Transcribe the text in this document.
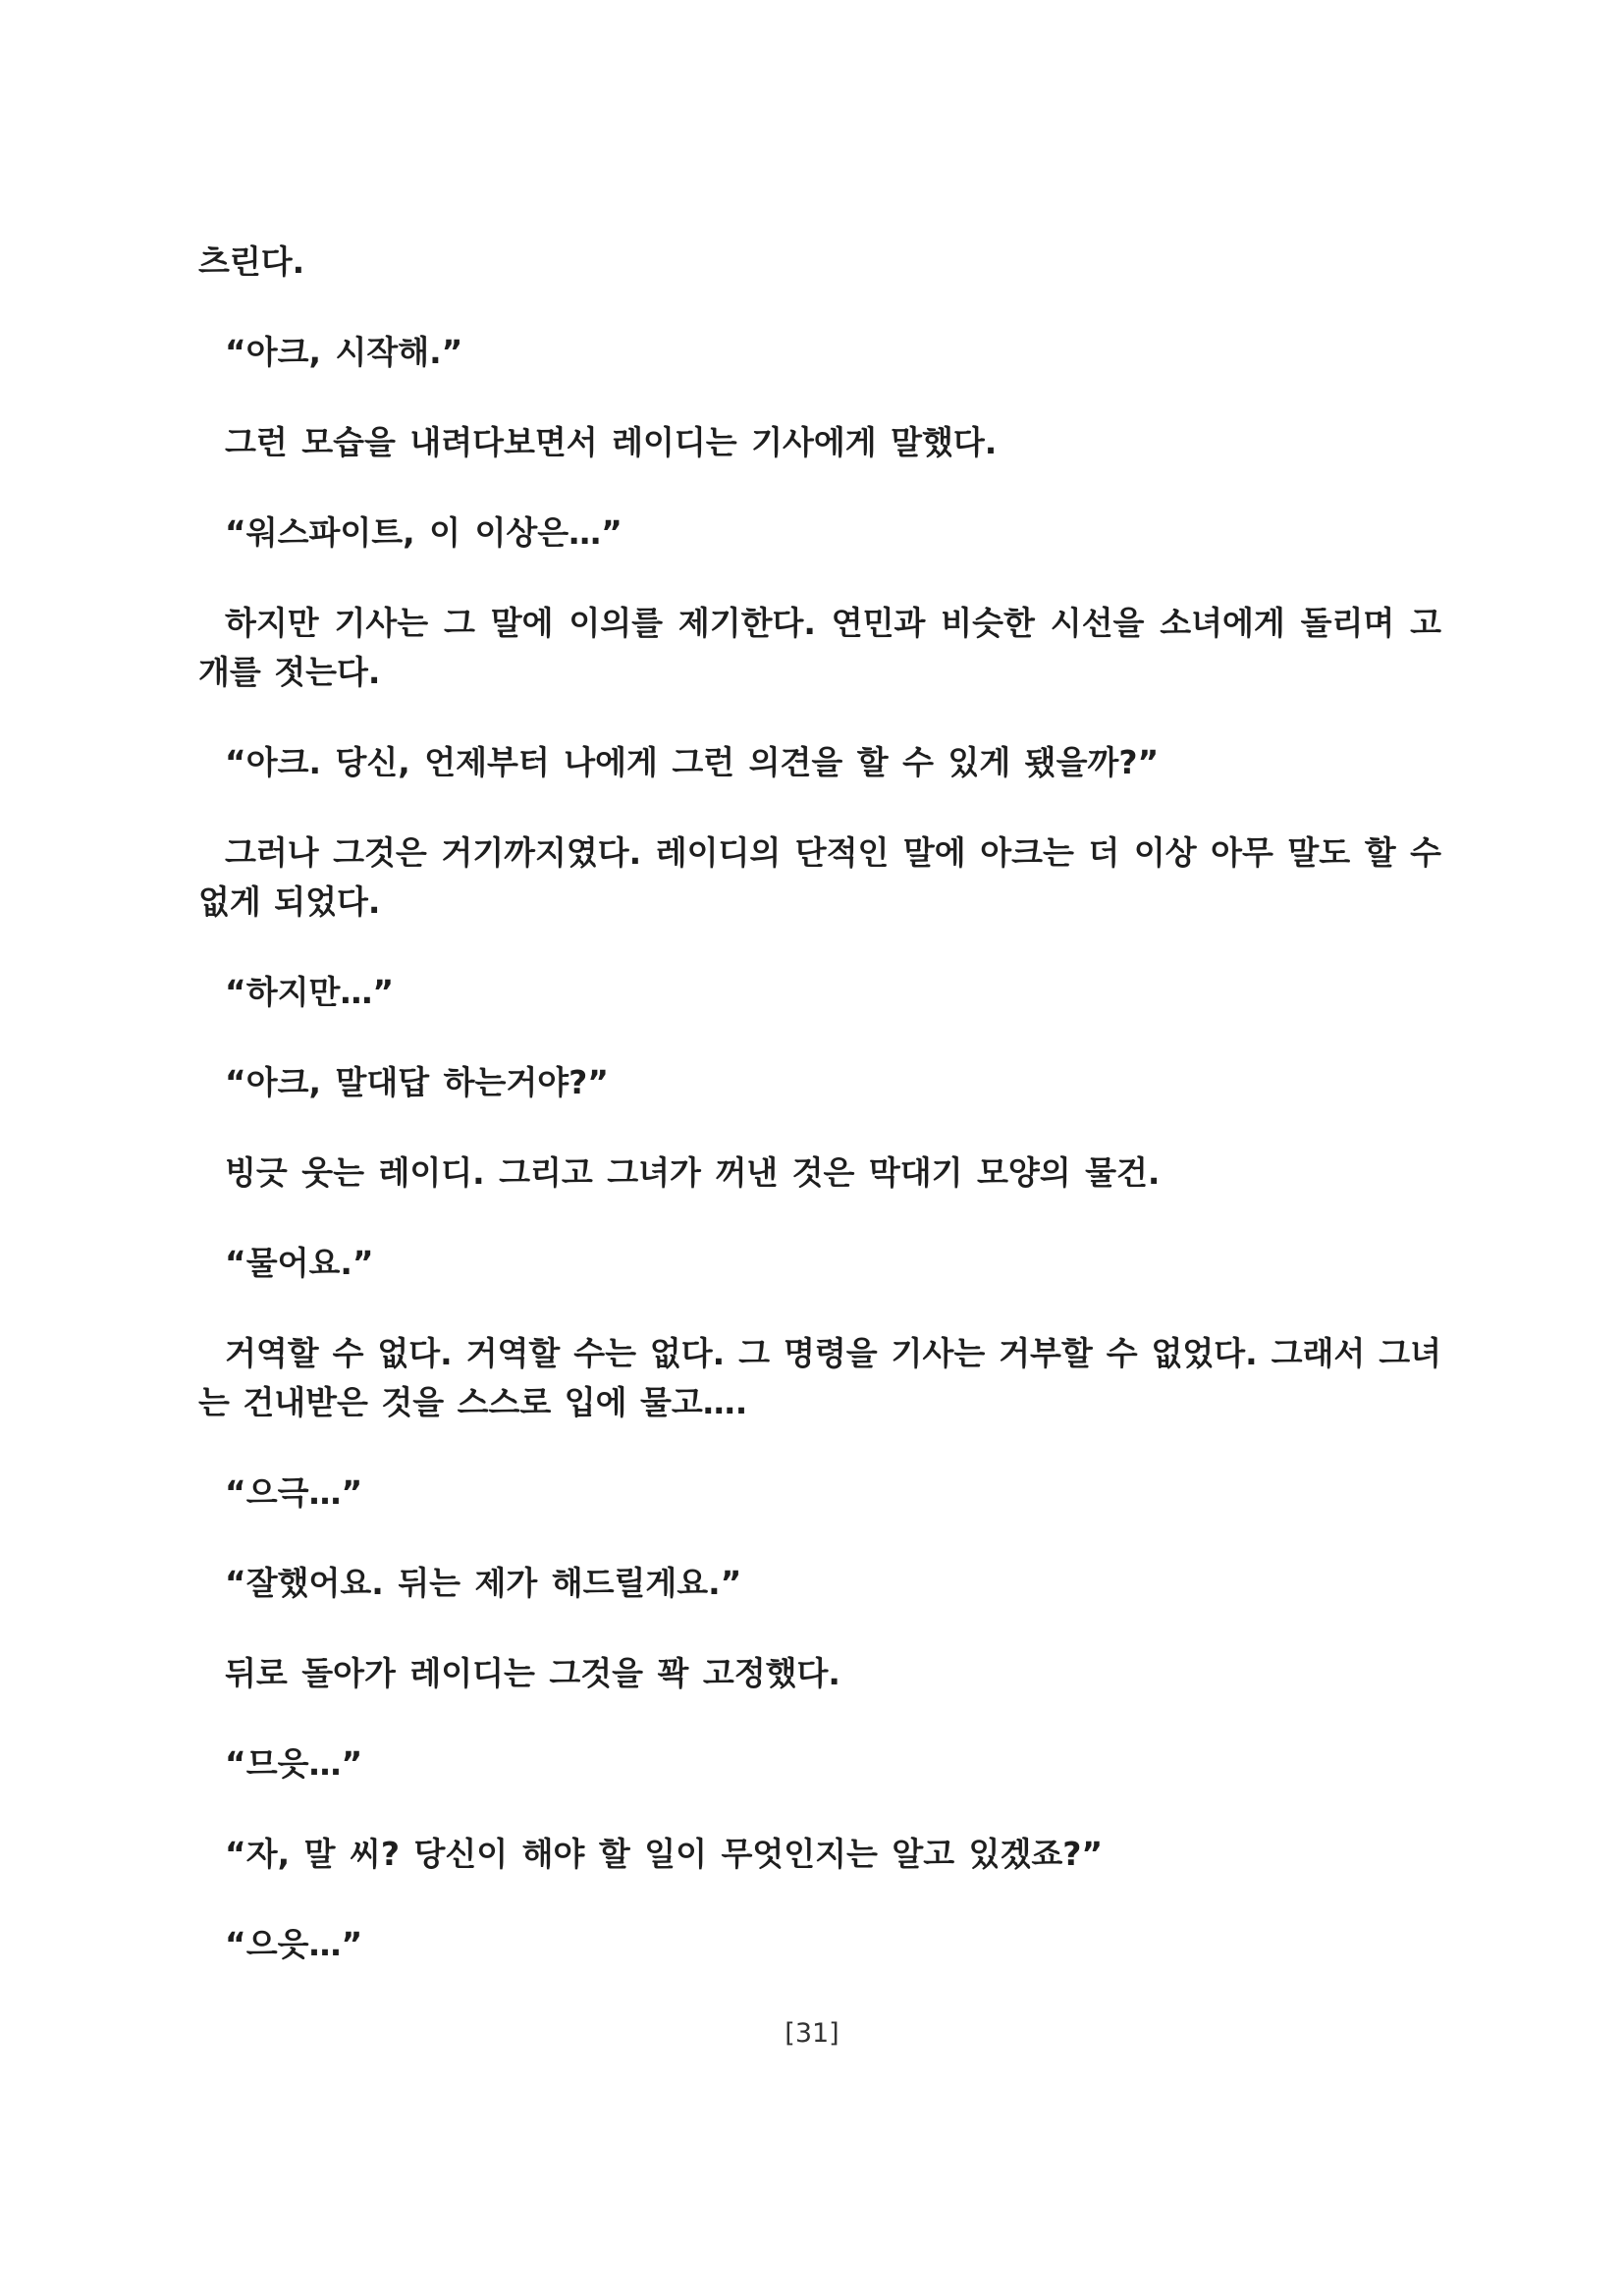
츠린다.

“아크, 시작해.”

그런 모습을 내려다보면서 레이디는 기사에게 말했다.

“워스파이트, 이 이상은…”

하지만 기사는 그 말에 이의를 제기한다. 연민과 비슷한 시선을 소녀에게 돌리며 고개를 젓는다.

“아크. 당신, 언제부터 나에게 그런 의견을 할 수 있게 됐을까?”

그러나 그것은 거기까지였다. 레이디의 단적인 말에 아크는 더 이상 아무 말도 할 수 없게 되었다.

“하지만…”

“아크, 말대답 하는거야?”

빙긋 웃는 레이디. 그리고 그녀가 꺼낸 것은 막대기 모양의 물건.

“물어요.”

거역할 수 없다. 거역할 수는 없다. 그 명령을 기사는 거부할 수 없었다. 그래서 그녀는 건내받은 것을 스스로 입에 물고….

“으극…”

“잘했어요. 뒤는 제가 해드릴게요.”

뒤로 돌아가 레이디는 그것을 꽉 고정했다.

“므읏…”

“자, 말 씨? 당신이 해야 할 일이 무엇인지는 알고 있겠죠?”

“으읏…”

[31]
